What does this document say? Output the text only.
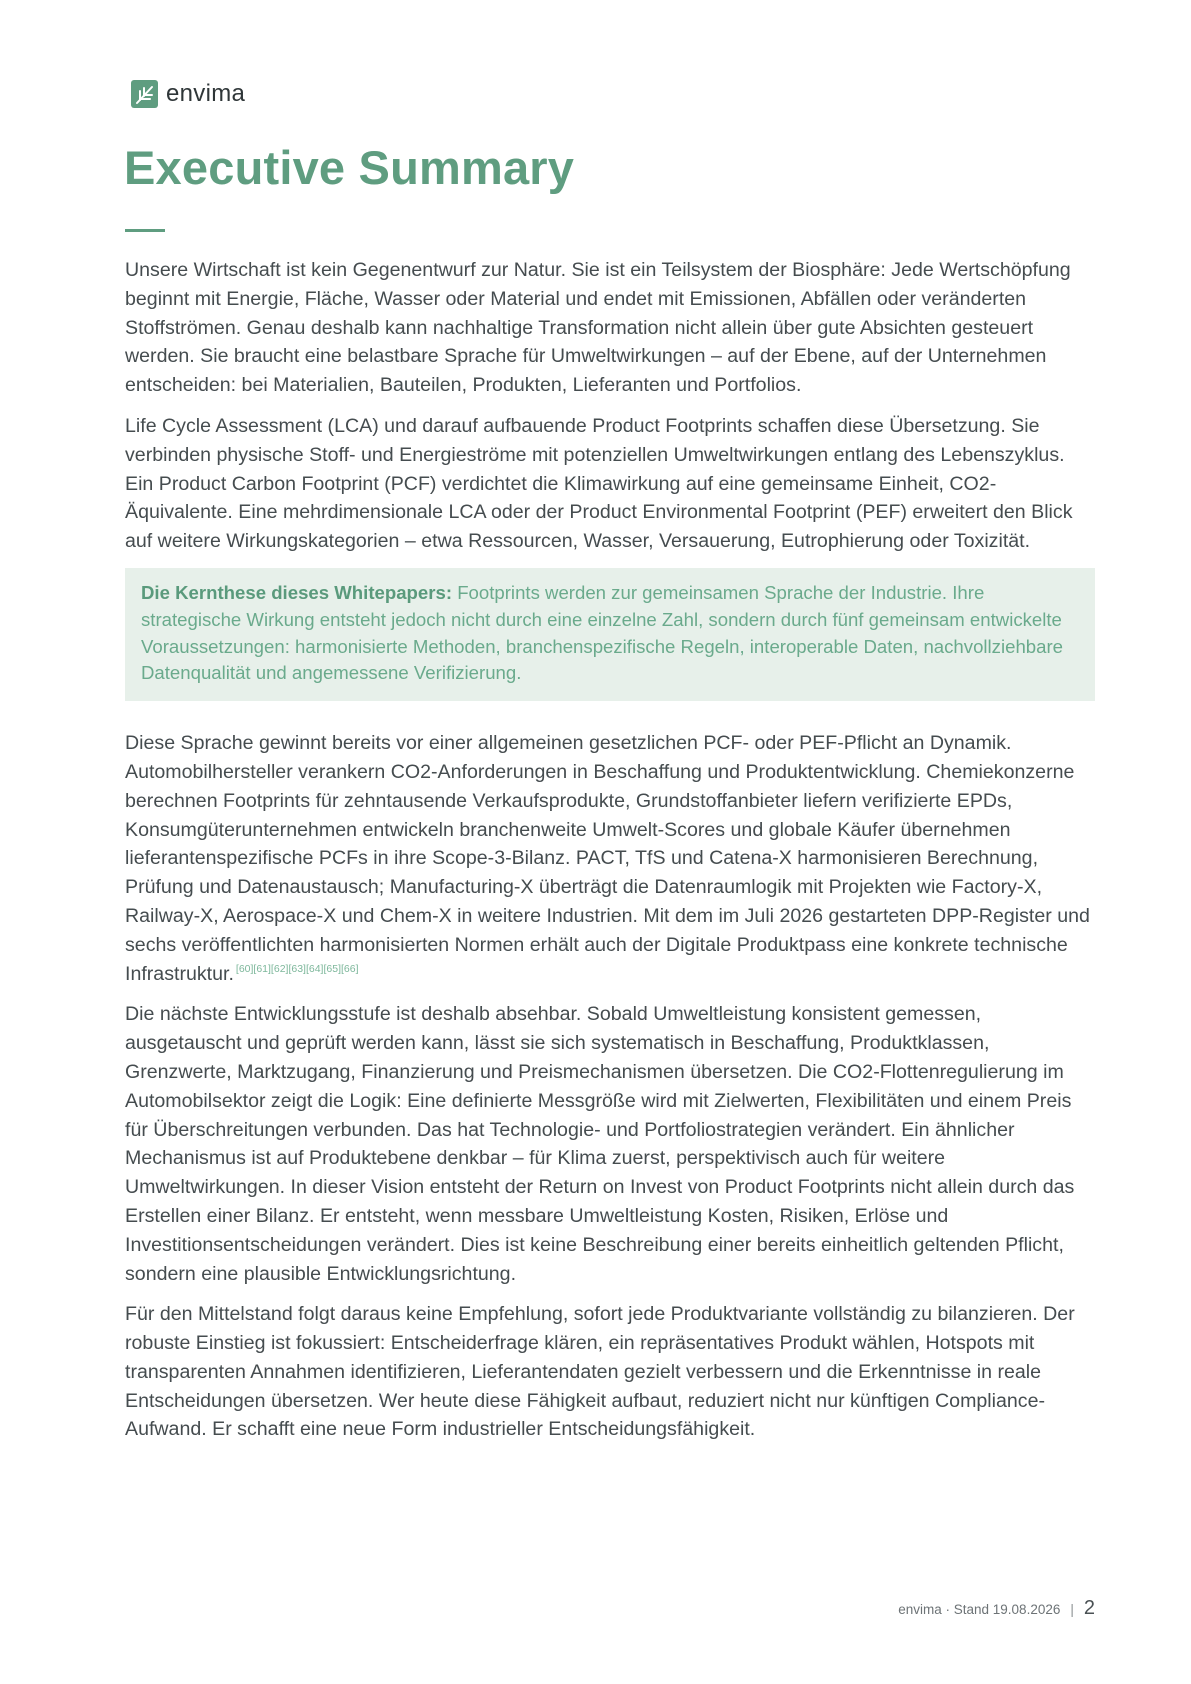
envima
Executive Summary

Unsere Wirtschaft ist kein Gegenentwurf zur Natur. Sie ist ein Teilsystem der Biosphäre: Jede Wertschöpfung beginnt mit Energie, Fläche, Wasser oder Material und endet mit Emissionen, Abfällen oder veränderten Stoffströmen. Genau deshalb kann nachhaltige Transformation nicht allein über gute Absichten gesteuert werden. Sie braucht eine belastbare Sprache für Umweltwirkungen – auf der Ebene, auf der Unternehmen entscheiden: bei Materialien, Bauteilen, Produkten, Lieferanten und Portfolios.

Life Cycle Assessment (LCA) und darauf aufbauende Product Footprints schaffen diese Übersetzung. Sie verbinden physische Stoff- und Energieströme mit potenziellen Umweltwirkungen entlang des Lebenszyklus. Ein Product Carbon Footprint (PCF) verdichtet die Klimawirkung auf eine gemeinsame Einheit, CO2-Äquivalente. Eine mehrdimensionale LCA oder der Product Environmental Footprint (PEF) erweitert den Blick auf weitere Wirkungskategorien – etwa Ressourcen, Wasser, Versauerung, Eutrophierung oder Toxizität.

Die Kernthese dieses Whitepapers: Footprints werden zur gemeinsamen Sprache der Industrie. Ihre strategische Wirkung entsteht jedoch nicht durch eine einzelne Zahl, sondern durch fünf gemeinsam entwickelte Voraussetzungen: harmonisierte Methoden, branchenspezifische Regeln, interoperable Daten, nachvollziehbare Datenqualität und angemessene Verifizierung.

Diese Sprache gewinnt bereits vor einer allgemeinen gesetzlichen PCF- oder PEF-Pflicht an Dynamik. Automobilhersteller verankern CO2-Anforderungen in Beschaffung und Produktentwicklung. Chemiekonzerne berechnen Footprints für zehntausende Verkaufsprodukte, Grundstoffanbieter liefern verifizierte EPDs, Konsumgüterunternehmen entwickeln branchenweite Umwelt-Scores und globale Käufer übernehmen lieferantenspezifische PCFs in ihre Scope-3-Bilanz. PACT, TfS und Catena-X harmonisieren Berechnung, Prüfung und Datenaustausch; Manufacturing-X überträgt die Datenraumlogik mit Projekten wie Factory-X, Railway-X, Aerospace-X und Chem-X in weitere Industrien. Mit dem im Juli 2026 gestarteten DPP-Register und sechs veröffentlichten harmonisierten Normen erhält auch der Digitale Produktpass eine konkrete technische Infrastruktur. [60][61][62][63][64][65][66]

Die nächste Entwicklungsstufe ist deshalb absehbar. Sobald Umweltleistung konsistent gemessen, ausgetauscht und geprüft werden kann, lässt sie sich systematisch in Beschaffung, Produktklassen, Grenzwerte, Marktzugang, Finanzierung und Preismechanismen übersetzen. Die CO2-Flottenregulierung im Automobilsektor zeigt die Logik: Eine definierte Messgröße wird mit Zielwerten, Flexibilitäten und einem Preis für Überschreitungen verbunden. Das hat Technologie- und Portfoliostrategien verändert. Ein ähnlicher Mechanismus ist auf Produktebene denkbar – für Klima zuerst, perspektivisch auch für weitere Umweltwirkungen. In dieser Vision entsteht der Return on Invest von Product Footprints nicht allein durch das Erstellen einer Bilanz. Er entsteht, wenn messbare Umweltleistung Kosten, Risiken, Erlöse und Investitionsentscheidungen verändert. Dies ist keine Beschreibung einer bereits einheitlich geltenden Pflicht, sondern eine plausible Entwicklungsrichtung.

Für den Mittelstand folgt daraus keine Empfehlung, sofort jede Produktvariante vollständig zu bilanzieren. Der robuste Einstieg ist fokussiert: Entscheiderfrage klären, ein repräsentatives Produkt wählen, Hotspots mit transparenten Annahmen identifizieren, Lieferantendaten gezielt verbessern und die Erkenntnisse in reale Entscheidungen übersetzen. Wer heute diese Fähigkeit aufbaut, reduziert nicht nur künftigen Compliance-Aufwand. Er schafft eine neue Form industrieller Entscheidungsfähigkeit.

envima · Stand 19.08.2026 | 2
